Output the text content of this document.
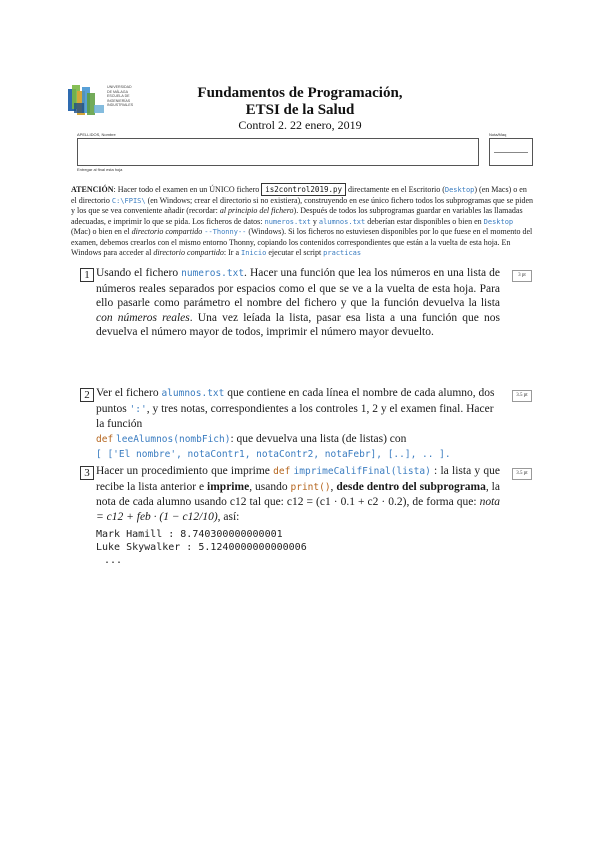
UNIVERSIDAD
DE MÁLAGA
ESCUELA DE
INGENIERÍAS
INDUSTRIALES
Fundamentos de Programación,
ETSI de la Salud
Control 2. 22 enero, 2019
APELLIDOS, Nombre
Entregar al final esta hoja
Nota/Maq
ATENCIÓN: Hacer todo el examen en un ÚNICO fichero is2control2019.py directamente en el Escritorio (Desktop) (en Macs) o en el directorio C:\FPIS\ (en Windows; crear el directorio si no existiera), construyendo en ese único fichero todos los subprogramas que se piden y los que se vea conveniente añadir (recordar: al principio del fichero). Después de todos los subprogramas guardar en variables las llamadas adecuadas, e imprimir lo que se pida. Los ficheros de datos: numeros.txt y alumnos.txt deberían estar disponibles o bien en Desktop (Mac) o bien en el directorio compartido --Thonny-- (Windows). Si los ficheros no estuviesen disponibles por lo que fuese en el momento del examen, debemos crearlos con el mismo entorno Thonny, copiando los contenidos correspondientes que están a la vuelta de esta hoja. En Windows para acceder al directorio compartido: Ir a Inicio ejecutar el script practicas
1	3 pt
Usando el fichero numeros.txt. Hacer una función que lea los números en una lista de números reales separados por espacios como el que se ve a la vuelta de esta hoja. Para ello pasarle como parámetro el nombre del fichero y que la función devuelva la lista con números reales. Una vez leíada la lista, pasar esa lista a una función que nos devuelva el número mayor de todos, imprimir el número mayor devuelto.
2	3.5 pt
Ver el fichero alumnos.txt que contiene en cada línea el nombre de cada alumno, dos puntos ':', y tres notas, correspondientes a los controles 1, 2 y el examen final. Hacer la función
def leeAlumnos(nombFich): que devuelva una lista (de listas) con
[ ['El nombre', notaContr1, notaContr2, notaFebr], [..], .. ].
3	3.5 pt
Hacer un procedimiento que imprime def imprimeCalifFinal(lista) : la lista y que recibe la lista anterior e imprime, usando print(), desde dentro del subprograma, la nota de cada alumno usando c12 tal que: c12 = (c1 · 0.1 + c2 · 0.2), de forma que: nota = c12 + feb · (1 − c12/10), así:
Mark Hamill : 8.740300000000001
Luke Skywalker : 5.1240000000000006
...
